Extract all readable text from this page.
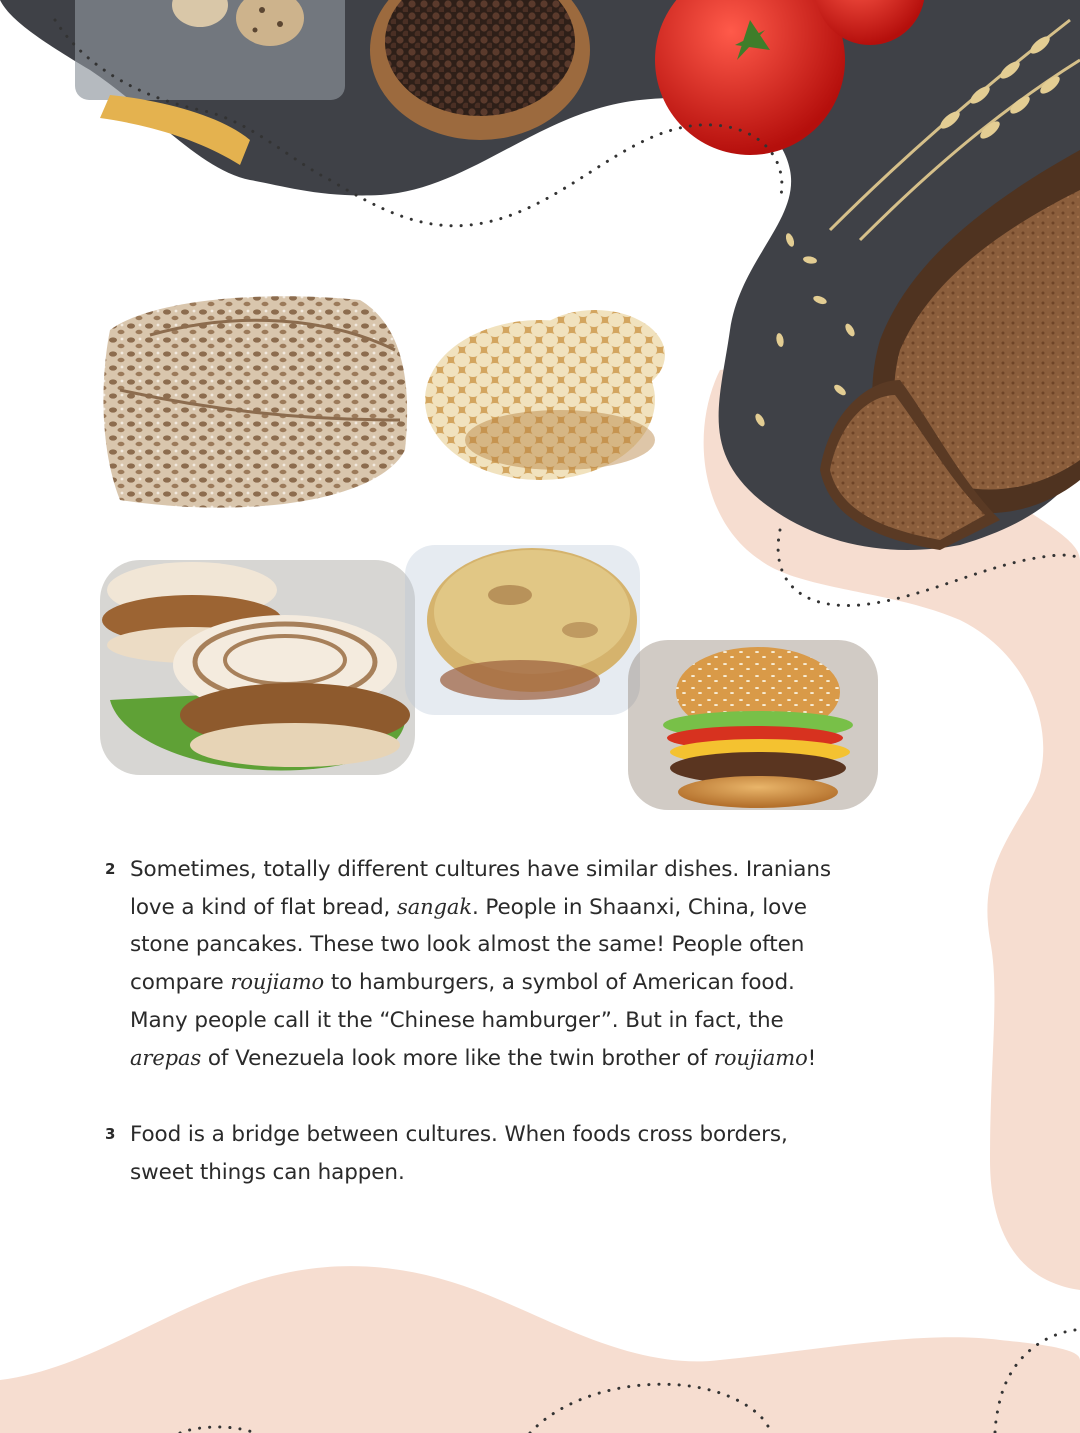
2 Sometimes, totally different cultures have similar dishes. Iranians
love a kind of flat bread, sangak. People in Shaanxi, China, love
stone pancakes. These two look almost the same! People often
compare roujiamo to hamburgers, a symbol of American food.
Many people call it the “Chinese hamburger”. But in fact, the
arepas of Venezuela look more like the twin brother of roujiamo!
3 Food is a bridge between cultures. When foods cross borders,
sweet things can happen.
